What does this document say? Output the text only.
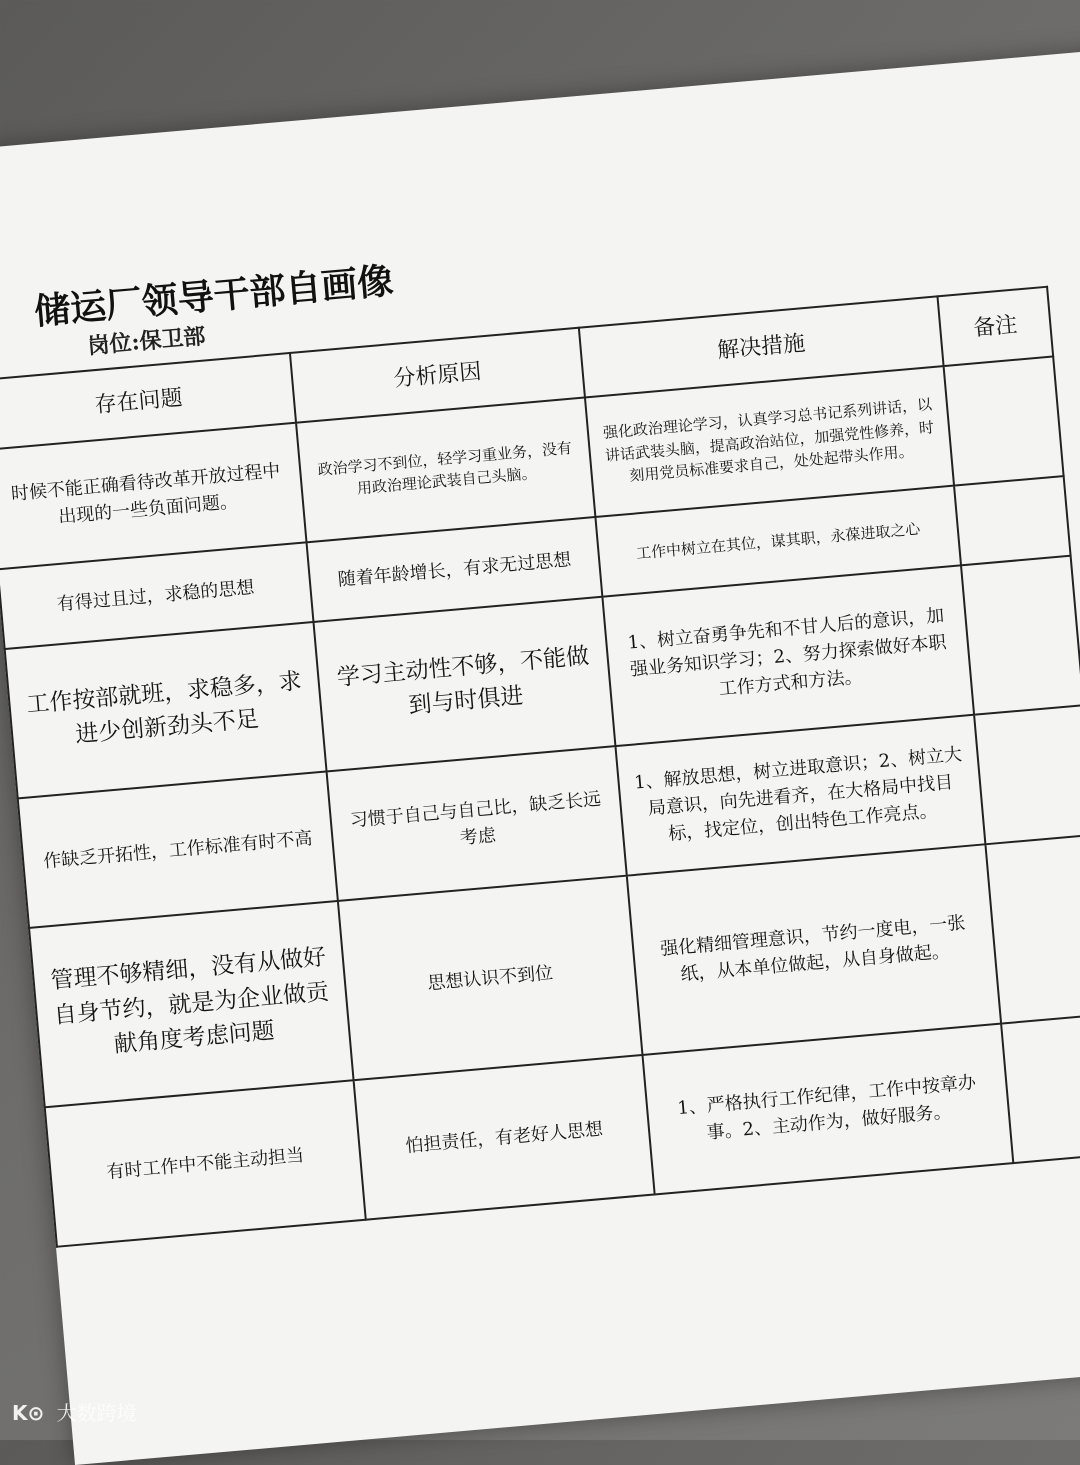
储运厂领导干部自画像
岗位:保卫部
存在问题	分析原因	解决措施	备注
时候不能正确看待改革开放过程中出现的一些负面问题。	政治学习不到位，轻学习重业务，没有用政治理论武装自己头脑。	强化政治理论学习，认真学习总书记系列讲话，以讲话武装头脑，提高政治站位，加强党性修养，时刻用党员标准要求自己，处处起带头作用。	
有得过且过，求稳的思想	随着年龄增长，有求无过思想	工作中树立在其位，谋其职，永葆进取之心	
工作按部就班，求稳多，求进少创新劲头不足	学习主动性不够，不能做到与时俱进	1、树立奋勇争先和不甘人后的意识，加强业务知识学习；2、努力探索做好本职工作方式和方法。	
作缺乏开拓性，工作标准有时不高	习惯于自己与自己比，缺乏长远考虑	1、解放思想，树立进取意识；2、树立大局意识，向先进看齐，在大格局中找目标，找定位，创出特色工作亮点。	
管理不够精细，没有从做好自身节约，就是为企业做贡献角度考虑问题	思想认识不到位	强化精细管理意识，节约一度电，一张纸，从本单位做起，从自身做起。	
有时工作中不能主动担当	怕担责任，有老好人思想	1、严格执行工作纪律，工作中按章办事。2、主动作为，做好服务。	
K⊙ 大数跨境
